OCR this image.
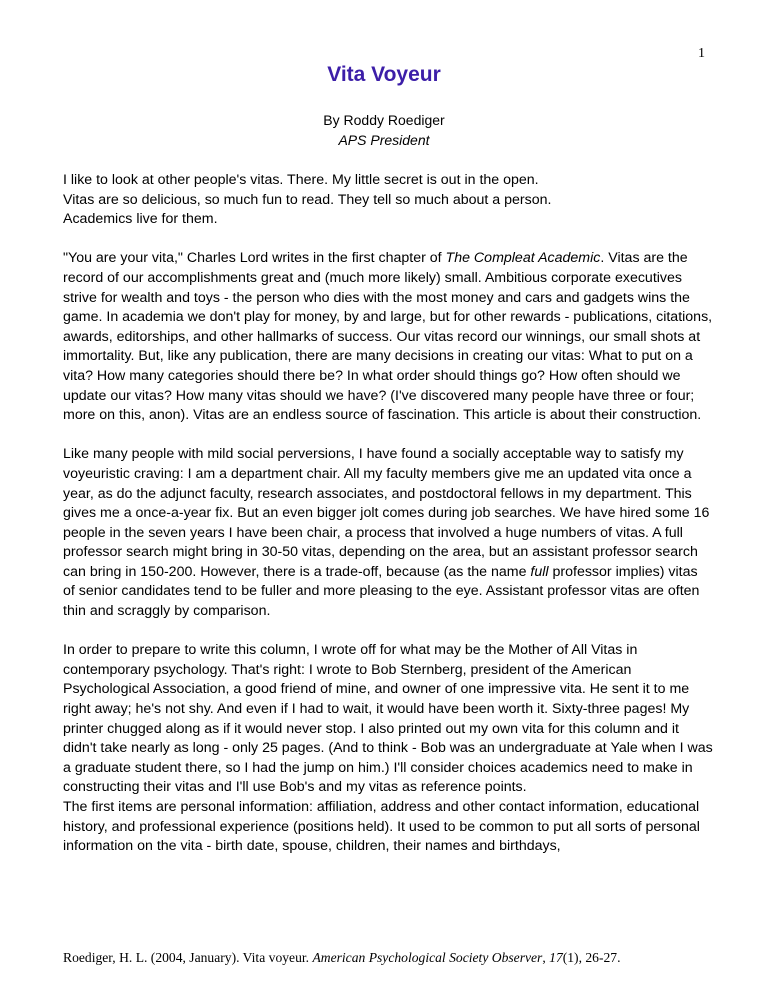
1
Vita Voyeur
By Roddy Roediger
APS President

I like to look at other people's vitas. There. My little secret is out in the open.
Vitas are so delicious, so much fun to read. They tell so much about a person.
Academics live for them.

"You are your vita," Charles Lord writes in the first chapter of The Compleat Academic. Vitas are the record of our accomplishments great and (much more likely) small. Ambitious corporate executives strive for wealth and toys - the person who dies with the most money and cars and gadgets wins the game. In academia we don't play for money, by and large, but for other rewards - publications, citations, awards, editorships, and other hallmarks of success. Our vitas record our winnings, our small shots at immortality. But, like any publication, there are many decisions in creating our vitas: What to put on a vita? How many categories should there be? In what order should things go? How often should we update our vitas? How many vitas should we have? (I've discovered many people have three or four; more on this, anon). Vitas are an endless source of fascination. This article is about their construction.

Like many people with mild social perversions, I have found a socially acceptable way to satisfy my voyeuristic craving: I am a department chair. All my faculty members give me an updated vita once a year, as do the adjunct faculty, research associates, and postdoctoral fellows in my department. This gives me a once-a-year fix. But an even bigger jolt comes during job searches. We have hired some 16 people in the seven years I have been chair, a process that involved a huge numbers of vitas. A full professor search might bring in 30-50 vitas, depending on the area, but an assistant professor search can bring in 150-200. However, there is a trade-off, because (as the name full professor implies) vitas of senior candidates tend to be fuller and more pleasing to the eye. Assistant professor vitas are often thin and scraggly by comparison.

In order to prepare to write this column, I wrote off for what may be the Mother of All Vitas in contemporary psychology. That's right: I wrote to Bob Sternberg, president of the American Psychological Association, a good friend of mine, and owner of one impressive vita. He sent it to me right away; he's not shy. And even if I had to wait, it would have been worth it. Sixty-three pages! My printer chugged along as if it would never stop. I also printed out my own vita for this column and it didn't take nearly as long - only 25 pages. (And to think - Bob was an undergraduate at Yale when I was a graduate student there, so I had the jump on him.) I'll consider choices academics need to make in constructing their vitas and I'll use Bob's and my vitas as reference points.

The first items are personal information: affiliation, address and other contact information, educational history, and professional experience (positions held). It used to be common to put all sorts of personal information on the vita - birth date, spouse, children, their names and birthdays,

Roediger, H. L. (2004, January). Vita voyeur. American Psychological Society Observer, 17(1), 26-27.
